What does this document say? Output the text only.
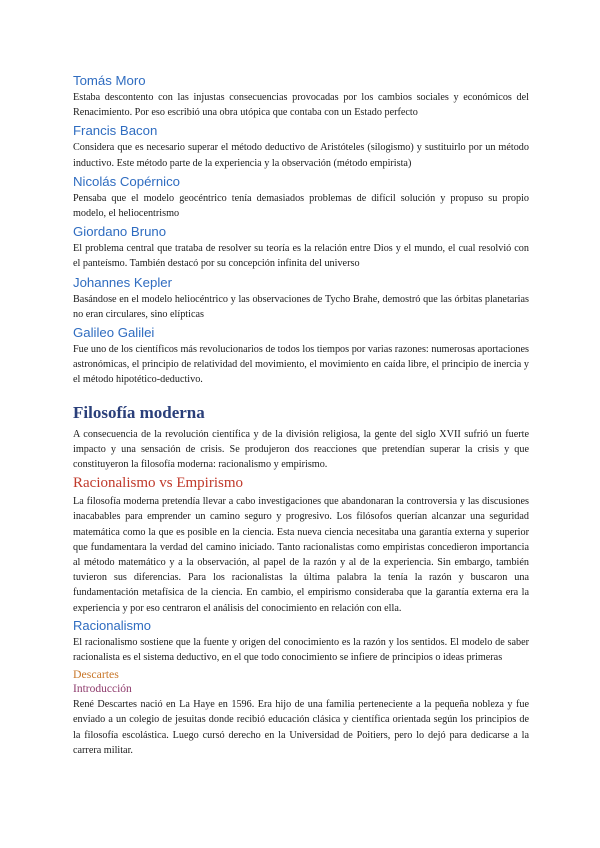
Tomás Moro

Estaba descontento con las injustas consecuencias provocadas por los cambios sociales y económicos del Renacimiento. Por eso escribió una obra utópica que contaba con un Estado perfecto

Francis Bacon

Considera que es necesario superar el método deductivo de Aristóteles (silogismo) y sustituirlo por un método inductivo. Este método parte de la experiencia y la observación (método empirista)

Nicolás Copérnico

Pensaba que el modelo geocéntrico tenía demasiados problemas de difícil solución y propuso su propio modelo, el heliocentrismo

Giordano Bruno

El problema central que trataba de resolver su teoría es la relación entre Dios y el mundo, el cual resolvió con el panteísmo. También destacó por su concepción infinita del universo

Johannes Kepler

Basándose en el modelo heliocéntrico y las observaciones de Tycho Brahe, demostró que las órbitas planetarias no eran circulares, sino elípticas

Galileo Galilei

Fue uno de los científicos más revolucionarios de todos los tiempos por varias razones: numerosas aportaciones astronómicas, el principio de relatividad del movimiento, el movimiento en caída libre, el principio de inercia y el método hipotético-deductivo.

Filosofía moderna

A consecuencia de la revolución científica y de la división religiosa, la gente del siglo XVII sufrió un fuerte impacto y una sensación de crisis. Se produjeron dos reacciones que pretendían superar la crisis y que constituyeron la filosofía moderna: racionalismo y empirismo.

Racionalismo vs Empirismo

La filosofía moderna pretendía llevar a cabo investigaciones que abandonaran la controversia y las discusiones inacabables para emprender un camino seguro y progresivo. Los filósofos querían alcanzar una seguridad matemática como la que es posible en la ciencia. Esta nueva ciencia necesitaba una garantía externa y superior que fundamentara la verdad del camino iniciado. Tanto racionalistas como empiristas concedieron importancia al método matemático y a la observación, al papel de la razón y al de la experiencia. Sin embargo, también tuvieron sus diferencias. Para los racionalistas la última palabra la tenía la razón y buscaron una fundamentación metafísica de la ciencia. En cambio, el empirismo consideraba que la garantía externa era la experiencia y por eso centraron el análisis del conocimiento en relación con ella.

Racionalismo

El racionalismo sostiene que la fuente y origen del conocimiento es la razón y los sentidos. El modelo de saber racionalista es el sistema deductivo, en el que todo conocimiento se infiere de principios o ideas primeras

Descartes
Introducción

René Descartes nació en La Haye en 1596. Era hijo de una familia perteneciente a la pequeña nobleza y fue enviado a un colegio de jesuitas donde recibió educación clásica y científica orientada según los principios de la filosofía escolástica. Luego cursó derecho en la Universidad de Poitiers, pero lo dejó para dedicarse a la carrera militar.
